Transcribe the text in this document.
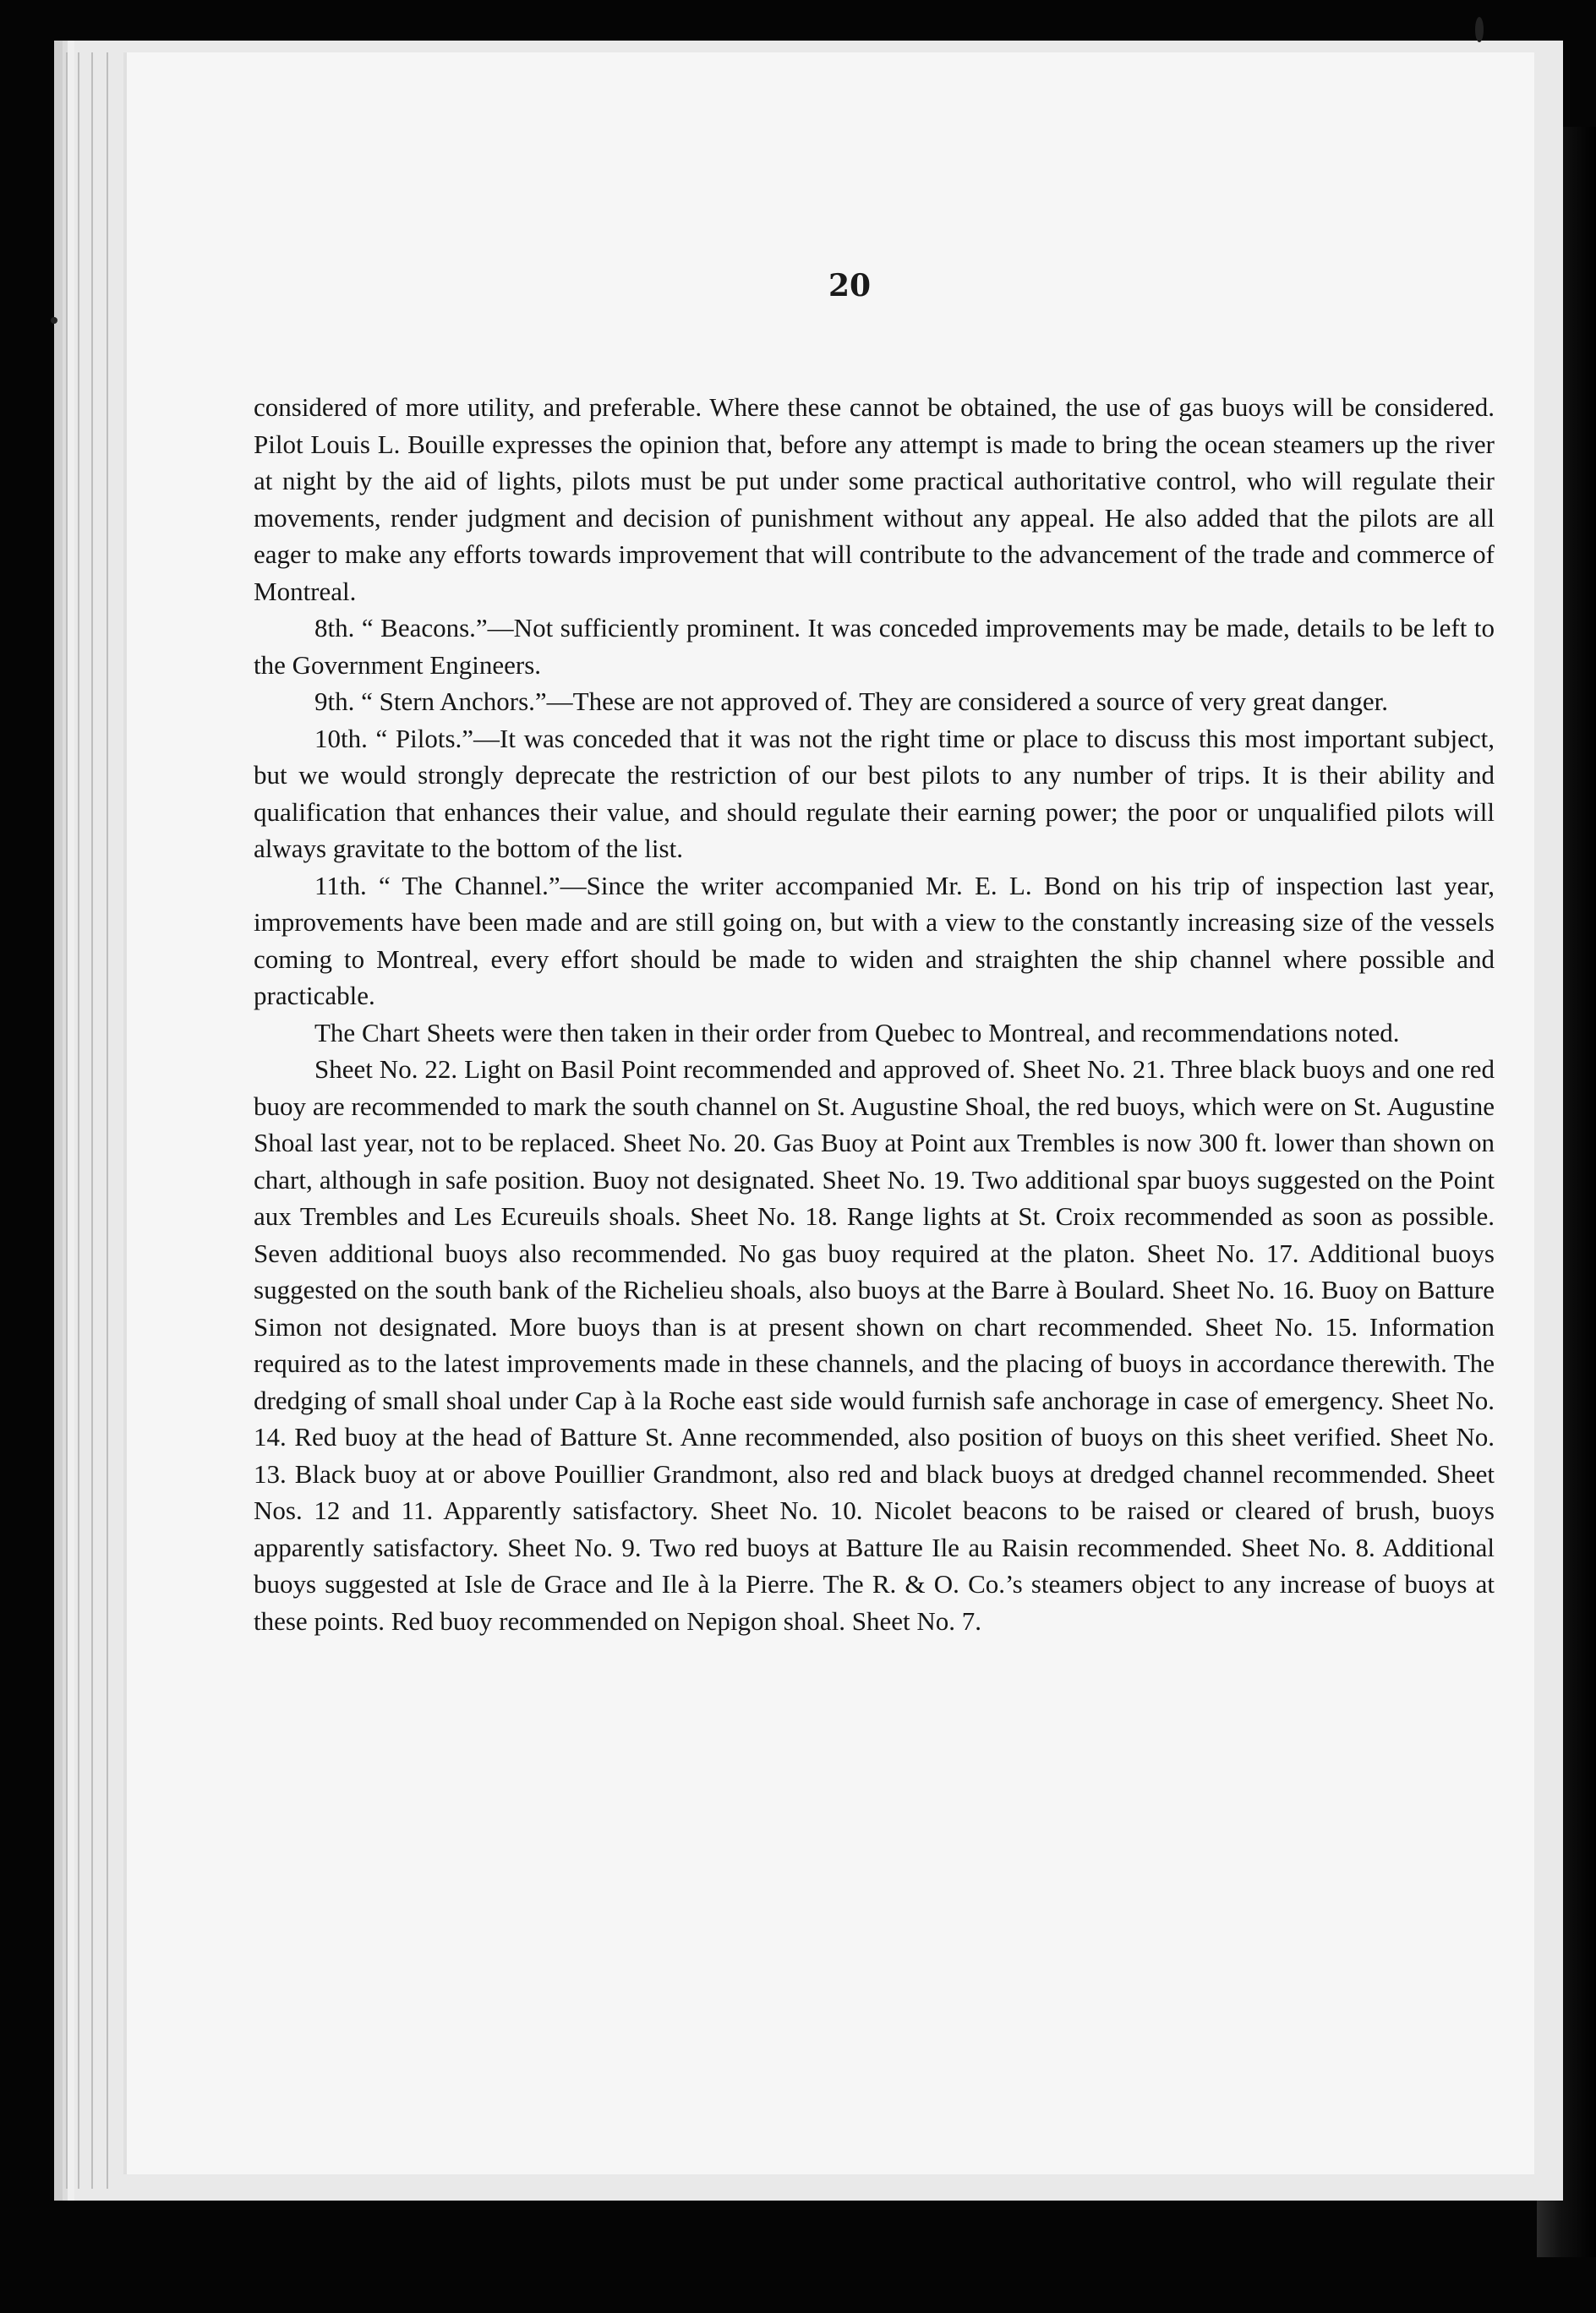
20

considered of more utility, and preferable. Where these cannot be obtained, the use of gas buoys will be considered. Pilot Louis L. Bouille expresses the opinion that, before any attempt is made to bring the ocean steamers up the river at night by the aid of lights, pilots must be put under some practical authoritative control, who will regulate their movements, render judgment and decision of punishment without any appeal. He also added that the pilots are all eager to make any efforts towards improvement that will contribute to the advancement of the trade and commerce of Montreal.

8th. “ Beacons.”—Not sufficiently prominent. It was conceded improvements may be made, details to be left to the Government Engineers.

9th. “ Stern Anchors.”—These are not approved of. They are considered a source of very great danger.

10th. “ Pilots.”—It was conceded that it was not the right time or place to discuss this most important subject, but we would strongly deprecate the restriction of our best pilots to any number of trips. It is their ability and qualification that enhances their value, and should regulate their earning power; the poor or unqualified pilots will always gravitate to the bottom of the list.

11th. “ The Channel.”—Since the writer accompanied Mr. E. L. Bond on his trip of inspection last year, improvements have been made and are still going on, but with a view to the constantly increasing size of the vessels coming to Montreal, every effort should be made to widen and straighten the ship channel where possible and practicable.

The Chart Sheets were then taken in their order from Quebec to Montreal, and recommendations noted.

Sheet No. 22. Light on Basil Point recommended and approved of. Sheet No. 21. Three black buoys and one red buoy are recommended to mark the south channel on St. Augustine Shoal, the red buoys, which were on St. Augustine Shoal last year, not to be replaced. Sheet No. 20. Gas Buoy at Point aux Trembles is now 300 ft. lower than shown on chart, although in safe position. Buoy not designated. Sheet No. 19. Two additional spar buoys suggested on the Point aux Trembles and Les Ecureuils shoals. Sheet No. 18. Range lights at St. Croix recommended as soon as possible. Seven additional buoys also recommended. No gas buoy required at the platon. Sheet No. 17. Additional buoys suggested on the south bank of the Richelieu shoals, also buoys at the Barre à Boulard. Sheet No. 16. Buoy on Batture Simon not designated. More buoys than is at present shown on chart recommended. Sheet No. 15. Information required as to the latest improvements made in these channels, and the placing of buoys in accordance therewith. The dredging of small shoal under Cap à la Roche east side would furnish safe anchorage in case of emergency. Sheet No. 14. Red buoy at the head of Batture St. Anne recommended, also position of buoys on this sheet verified. Sheet No. 13. Black buoy at or above Pouillier Grandmont, also red and black buoys at dredged channel recommended. Sheet Nos. 12 and 11. Apparently satisfactory. Sheet No. 10. Nicolet beacons to be raised or cleared of brush, buoys apparently satisfactory. Sheet No. 9. Two red buoys at Batture Ile au Raisin recommended. Sheet No. 8. Additional buoys suggested at Isle de Grace and Ile à la Pierre. The R. & O. Co.’s steamers object to any increase of buoys at these points. Red buoy recommended on Nepigon shoal. Sheet No. 7.
